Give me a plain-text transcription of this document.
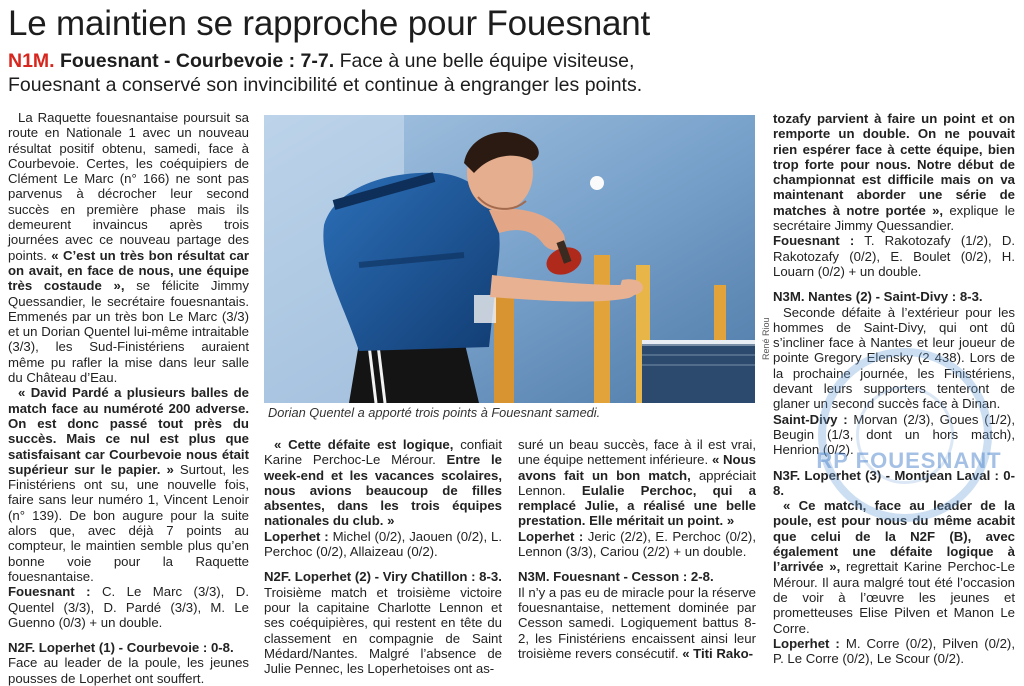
Le maintien se rapproche pour Fouesnant
N1M. Fouesnant - Courbevoie : 7-7. Face à une belle équipe visiteuse,
Fouesnant a conservé son invincibilité et continue à engranger les points.

La Raquette fouesnantaise poursuit sa route en Nationale 1 avec un nouveau résultat positif obtenu, samedi, face à Courbevoie. Certes, les coéquipiers de Clément Le Marc (n° 166) ne sont pas parvenus à décrocher leur second succès en première phase mais ils demeurent invaincus après trois journées avec ce nouveau partage des points. « C’est un très bon résultat car on avait, en face de nous, une équipe très costaude », se félicite Jimmy Quessandier, le secrétaire fouesnantais. Emmenés par un très bon Le Marc (3/3) et un Dorian Quentel lui-même intraitable (3/3), les Sud-Finistériens auraient même pu rafler la mise dans leur salle du Château d’Eau.

« David Pardé a plusieurs balles de match face au numéroté 200 adverse. On est donc passé tout près du succès. Mais ce nul est plus que satisfaisant car Courbevoie nous était supérieur sur le papier. » Surtout, les Finistériens ont su, une nouvelle fois, faire sans leur numéro 1, Vincent Lenoir (n° 139). De bon augure pour la suite alors que, avec déjà 7 points au compteur, le maintien semble plus qu’en bonne voie pour la Raquette fouesnantaise.

Fouesnant : C. Le Marc (3/3), D. Quentel (3/3), D. Pardé (3/3), M. Le Guenno (0/3) + un double.

N2F. Loperhet (1) - Courbevoie : 0-8.

Face au leader de la poule, les jeunes pousses de Loperhet ont souffert.

René Riou
Dorian Quentel a apporté trois points à Fouesnant samedi.

« Cette défaite est logique, confiait Karine Perchoc-Le Mérour. Entre le week-end et les vacances scolaires, nous avions beaucoup de filles absentes, dans les trois équipes nationales du club. »

Loperhet : Michel (0/2), Jaouen (0/2), L. Perchoc (0/2), Allaizeau (0/2).

N2F. Loperhet (2) - Viry Chatillon : 8-3.

Troisième match et troisième victoire pour la capitaine Charlotte Lennon et ses coéquipières, qui restent en tête du classement en compagnie de Saint Médard/Nantes. Malgré l’absence de Julie Pennec, les Loperhetoises ont as-

suré un beau succès, face à il est vrai, une équipe nettement inférieure. « Nous avons fait un bon match, appréciait Lennon. Eulalie Perchoc, qui a remplacé Julie, a réalisé une belle prestation. Elle méritait un point. »

Loperhet : Jeric (2/2), E. Perchoc (0/2), Lennon (3/3), Cariou (2/2) + un double.

N3M. Fouesnant - Cesson : 2-8.

Il n’y a pas eu de miracle pour la réserve fouesnantaise, nettement dominée par Cesson samedi. Logiquement battus 8-2, les Finistériens encaissent ainsi leur troisième revers consécutif. « Titi Rako-

tozafy parvient à faire un point et on remporte un double. On ne pouvait rien espérer face à cette équipe, bien trop forte pour nous. Notre début de championnat est difficile mais on va maintenant aborder une série de matches à notre portée », explique le secrétaire Jimmy Quessandier.

Fouesnant : T. Rakotozafy (1/2), D. Rakotozafy (0/2), E. Boulet (0/2), H. Louarn (0/2) + un double.

N3M. Nantes (2) - Saint-Divy : 8-3.

Seconde défaite à l’extérieur pour les hommes de Saint-Divy, qui ont dû s’incliner face à Nantes et leur joueur de pointe Gregory Elensky (2 438). Lors de la prochaine journée, les Finistériens, devant leurs supporters tenteront de glaner un second succès face à Dinan.

Saint-Divy : Morvan (2/3), Goues (1/2), Beugin (1/3, dont un hors match), Henrion (0/2).

N3F. Loperhet (3) - Montjean Laval : 0-8.

« Ce match, face au leader de la poule, est pour nous du même acabit que celui de la N2F (B), avec également une défaite logique à l’arrivée », regrettait Karine Perchoc-Le Mérour. Il aura malgré tout été l’occasion de voir à l’œuvre les jeunes et prometteuses Elise Pilven et Manon Le Corre.

Loperhet : M. Corre (0/2), Pilven (0/2), P. Le Corre (0/2), Le Scour (0/2).

RP FOUESNANT
